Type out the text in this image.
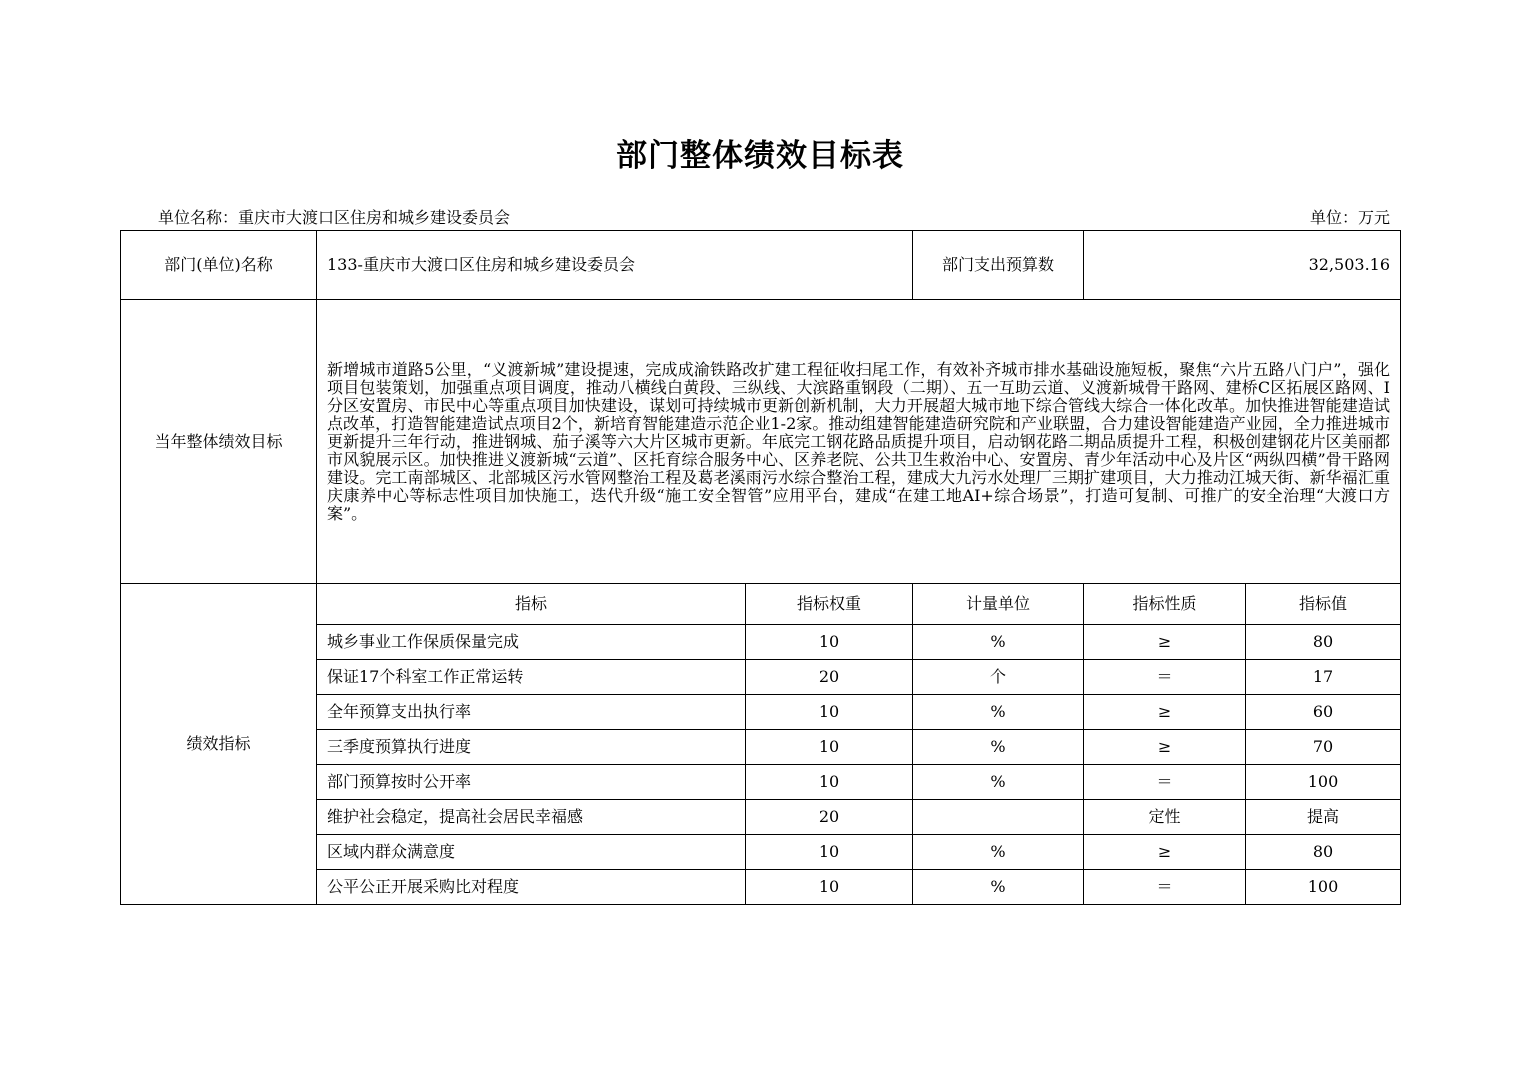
部门整体绩效目标表
单位名称：重庆市大渡口区住房和城乡建设委员会	单位：万元
部门(单位)名称	133-重庆市大渡口区住房和城乡建设委员会		部门支出预算数	32,503.16	
当年整体绩效目标	新增城市道路5公里，“义渡新城”建设提速，完成成渝铁路改扩建工程征收扫尾工作，有效补齐城市排水基础设施短板，聚焦“六片五路八门户”，强化项目包装策划，加强重点项目调度，推动八横线白黄段、三纵线、大滨路重钢段（二期）、五一互助云道、义渡新城骨干路网、建桥C区拓展区路网、I分区安置房、市民中心等重点项目加快建设，谋划可持续城市更新创新机制，大力开展超大城市地下综合管线大综合一体化改革。加快推进智能建造试点改革，打造智能建造试点项目2个，新培育智能建造示范企业1-2家。推动组建智能建造研究院和产业联盟，合力建设智能建造产业园，全力推进城市更新提升三年行动，推进钢城、茄子溪等六大片区城市更新。年底完工钢花路品质提升项目，启动钢花路二期品质提升工程，积极创建钢花片区美丽都市风貌展示区。加快推进义渡新城“云道”、区托育综合服务中心、区养老院、公共卫生救治中心、安置房、青少年活动中心及片区“两纵四横”骨干路网建设。完工南部城区、北部城区污水管网整治工程及葛老溪雨污水综合整治工程，建成大九污水处理厂三期扩建项目，大力推动江城天街、新华福汇重庆康养中心等标志性项目加快施工，迭代升级“施工安全智管”应用平台，建成“在建工地AI+综合场景”，打造可复制、可推广的安全治理“大渡口方案”。				
绩效指标	指标	指标权重	计量单位	指标性质	指标值
	城乡事业工作保质保量完成	10	%	≥	80
	保证17个科室工作正常运转	20	个	＝	17
	全年预算支出执行率	10	%	≥	60
	三季度预算执行进度	10	%	≥	70
	部门预算按时公开率	10	%	＝	100
	维护社会稳定，提高社会居民幸福感	20		定性	提高
	区域内群众满意度	10	%	≥	80
	公平公正开展采购比对程度	10	%	＝	100
